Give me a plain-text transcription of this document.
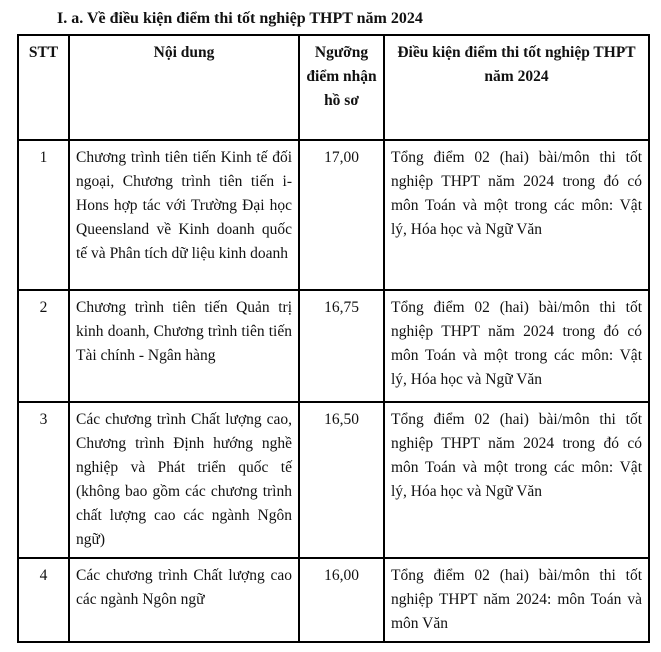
I. a. Về điều kiện điểm thi tốt nghiệp THPT năm 2024
STT	Nội dung	Ngưỡng điểm nhận hồ sơ	Điều kiện điểm thi tốt nghiệp THPT năm 2024
1	Chương trình tiên tiến Kinh tế đối ngoại, Chương trình tiên tiến i-Hons hợp tác với Trường Đại học Queensland về Kinh doanh quốc tế và Phân tích dữ liệu kinh doanh	17,00	Tổng điểm 02 (hai) bài/môn thi tốt nghiệp THPT năm 2024 trong đó có môn Toán và một trong các môn: Vật lý, Hóa học và Ngữ Văn
2	Chương trình tiên tiến Quản trị kinh doanh, Chương trình tiên tiến Tài chính - Ngân hàng	16,75	Tổng điểm 02 (hai) bài/môn thi tốt nghiệp THPT năm 2024 trong đó có môn Toán và một trong các môn: Vật lý, Hóa học và Ngữ Văn
3	Các chương trình Chất lượng cao, Chương trình Định hướng nghề nghiệp và Phát triển quốc tế (không bao gồm các chương trình chất lượng cao các ngành Ngôn ngữ)	16,50	Tổng điểm 02 (hai) bài/môn thi tốt nghiệp THPT năm 2024 trong đó có môn Toán và một trong các môn: Vật lý, Hóa học và Ngữ Văn
4	Các chương trình Chất lượng cao các ngành Ngôn ngữ	16,00	Tổng điểm 02 (hai) bài/môn thi tốt nghiệp THPT năm 2024: môn Toán và môn Văn
